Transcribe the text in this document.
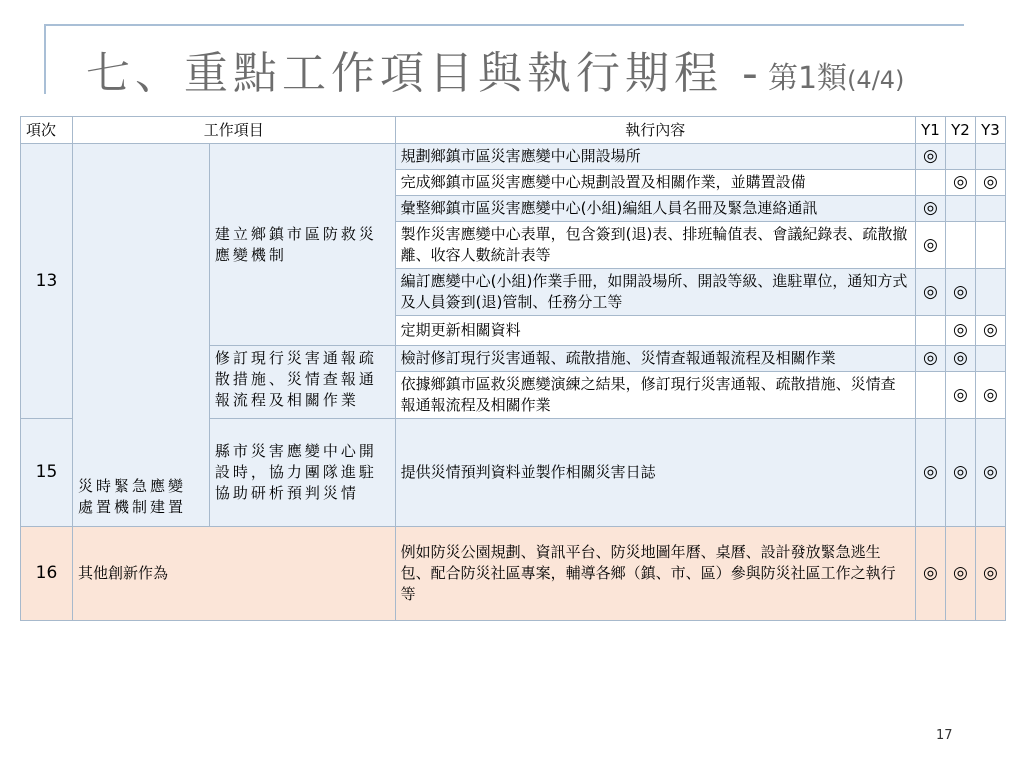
七、重點工作項目與執行期程 - 第1類(4/4)
項次	工作項目		執行內容	Y1	Y2	Y3
13	災時緊急應變處置機制建置	建立鄉鎮市區防救災應變機制	規劃鄉鎮市區災害應變中心開設場所	◎		
			完成鄉鎮市區災害應變中心規劃設置及相關作業，並購置設備		◎	◎
			彙整鄉鎮市區災害應變中心(小組)編組人員名冊及緊急連絡通訊	◎		
			製作災害應變中心表單，包含簽到(退)表、排班輪值表、會議紀錄表、疏散撤離、收容人數統計表等	◎		
			編訂應變中心(小組)作業手冊，如開設場所、開設等級、進駐單位，通知方式及人員簽到(退)管制、任務分工等	◎	◎	
			定期更新相關資料		◎	◎
		修訂現行災害通報疏散措施、災情查報通報流程及相關作業	檢討修訂現行災害通報、疏散措施、災情查報通報流程及相關作業	◎	◎	
			依據鄉鎮市區救災應變演練之結果，修訂現行災害通報、疏散措施、災情查報通報流程及相關作業		◎	◎
15		縣市災害應變中心開設時，協力團隊進駐協助研析預判災情	提供災情預判資料並製作相關災害日誌	◎	◎	◎
16	其他創新作為		例如防災公園規劃、資訊平台、防災地圖年曆、桌曆、設計發放緊急逃生包、配合防災社區專案，輔導各鄉（鎮、市、區）參與防災社區工作之執行等	◎	◎	◎
17
